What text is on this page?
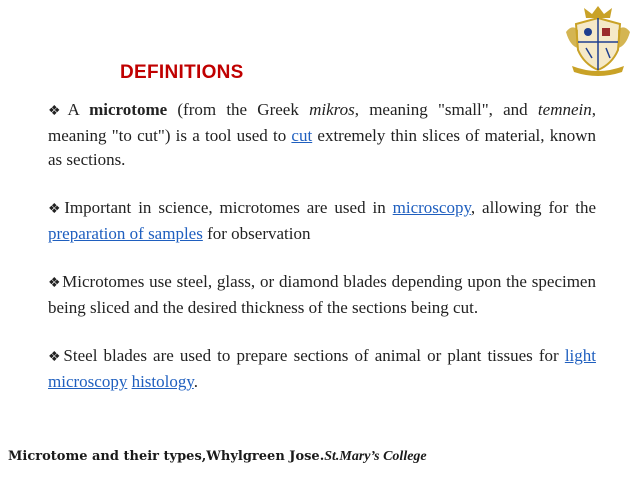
DEFINITIONS

❖A microtome (from the Greek mikros, meaning "small", and temnein, meaning "to cut") is a tool used to cut extremely thin slices of material, known as sections.

❖Important in science, microtomes are used in microscopy, allowing for the preparation of samples for observation

❖Microtomes use steel, glass, or diamond blades depending upon the specimen being sliced and the desired thickness of the sections being cut.

❖Steel blades are used to prepare sections of animal or plant tissues for light microscopy histology.

Microtome and their types,Whylgreen Jose.St.Mary’s College
